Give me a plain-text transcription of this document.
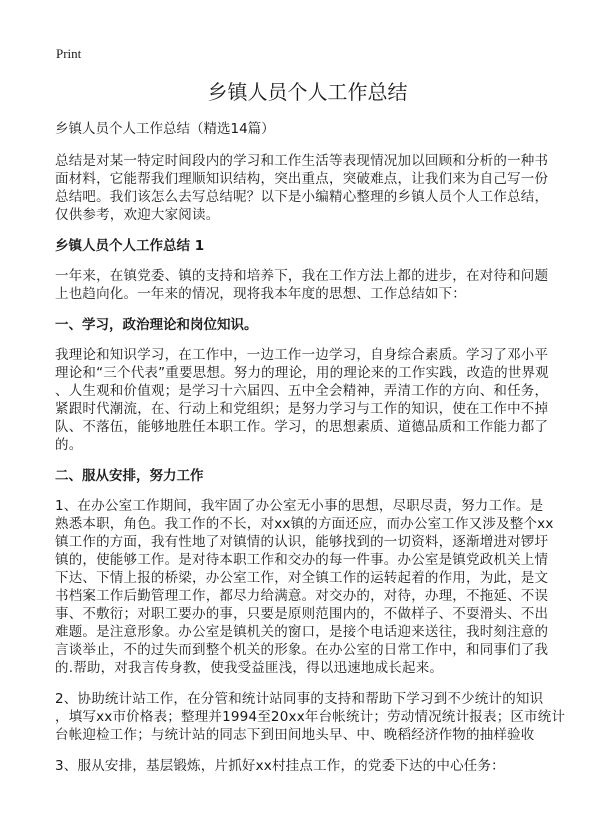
Print
乡镇人员个人工作总结
乡镇人员个人工作总结（精选14篇）
总结是对某一特定时间段内的学习和工作生活等表现情况加以回顾和分析的一种书
面材料，它能帮我们理顺知识结构，突出重点，突破难点，让我们来为自己写一份
总结吧。我们该怎么去写总结呢？以下是小编精心整理的乡镇人员个人工作总结，
仅供参考，欢迎大家阅读。
乡镇人员个人工作总结 1
一年来，在镇党委、镇的支持和培养下，我在工作方法上都的进步，在对待和问题
上也趋向化。一年来的情况，现将我本年度的思想、工作总结如下：
一、学习，政治理论和岗位知识。
我理论和知识学习，在工作中，一边工作一边学习，自身综合素质。学习了邓小平
理论和“三个代表”重要思想。努力的理论，用的理论来的工作实践，改造的世界观
、人生观和价值观；是学习十六届四、五中全会精神，弄清工作的方向、和任务，
紧跟时代潮流，在、行动上和党组织；是努力学习与工作的知识，使在工作中不掉
队、不落伍，能够地胜任本职工作。学习，的思想素质、道德品质和工作能力都了
的。
二、服从安排，努力工作
1、在办公室工作期间，我牢固了办公室无小事的思想，尽职尽责，努力工作。是
熟悉本职，角色。我工作的不长，对xx镇的方面还应，而办公室工作又涉及整个xx
镇工作的方面，我有性地了对镇情的认识，能够找到的一切资料，逐渐增进对锣圩
镇的，使能够工作。是对待本职工作和交办的每一件事。办公室是镇党政机关上情
下达、下情上报的桥梁，办公室工作，对全镇工作的运转起着的作用，为此，是文
书档案工作后勤管理工作，都尽力给满意。对交办的，对待，办理，不拖延、不误
事、不敷衍；对职工要办的事，只要是原则范围内的，不做样子、不耍滑头、不出
难题。是注意形象。办公室是镇机关的窗口，是接个电话迎来送往，我时刻注意的
言谈举止，不的过失而到整个机关的形象。在办公室的日常工作中，和同事们了我
的.帮助，对我言传身教，使我受益匪浅，得以迅速地成长起来。
2、协助统计站工作，在分管和统计站同事的支持和帮助下学习到不少统计的知识
，填写xx市价格表；整理并1994至20xx年台帐统计；劳动情况统计报表；区市统计
台帐迎检工作；与统计站的同志下到田间地头早、中、晚稻经济作物的抽样验收
3、服从安排，基层锻炼，片抓好xx村挂点工作，的党委下达的中心任务：
